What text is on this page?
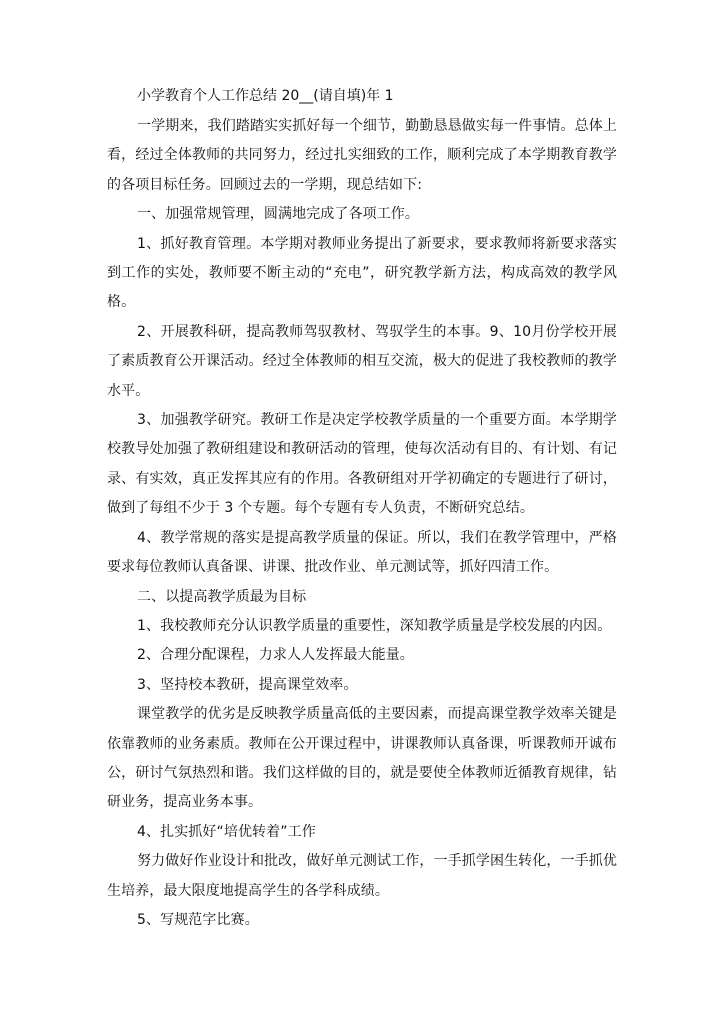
小学教育个人工作总结 20__(请自填)年 1

一学期来，我们踏踏实实抓好每一个细节，勤勤恳恳做实每一件事情。总体上看，经过全体教师的共同努力，经过扎实细致的工作，顺利完成了本学期教育教学的各项目标任务。回顾过去的一学期，现总结如下:

一、加强常规管理，圆满地完成了各项工作。

1、抓好教育管理。本学期对教师业务提出了新要求，要求教师将新要求落实到工作的实处，教师要不断主动的“充电”，研究教学新方法，构成高效的教学风格。

2、开展教科研，提高教师驾驭教材、驾驭学生的本事。9、10月份学校开展了素质教育公开课活动。经过全体教师的相互交流，极大的促进了我校教师的教学水平。

3、加强教学研究。教研工作是决定学校教学质量的一个重要方面。本学期学校教导处加强了教研组建设和教研活动的管理，使每次活动有目的、有计划、有记录、有实效，真正发挥其应有的作用。各教研组对开学初确定的专题进行了研讨，做到了每组不少于 3 个专题。每个专题有专人负责，不断研究总结。

4、教学常规的落实是提高教学质量的保证。所以，我们在教学管理中，严格要求每位教师认真备课、讲课、批改作业、单元测试等，抓好四清工作。

二、以提高教学质最为目标

1、我校教师充分认识教学质量的重要性，深知教学质量是学校发展的内因。

2、合理分配课程，力求人人发挥最大能量。

3、坚持校本教研，提高课堂效率。

课堂教学的优劣是反映教学质量高低的主要因素，而提高课堂教学效率关键是依靠教师的业务素质。教师在公开课过程中，讲课教师认真备课，听课教师开诚布公，研讨气氛热烈和谐。我们这样做的目的，就是要使全体教师近循教育规律，钻研业务，提高业务本事。

4、扎实抓好“培优转着”工作

努力做好作业设计和批改，做好单元测试工作，一手抓学困生转化，一手抓优生培养，最大限度地提高学生的各学科成绩。

5、写规范字比赛。
